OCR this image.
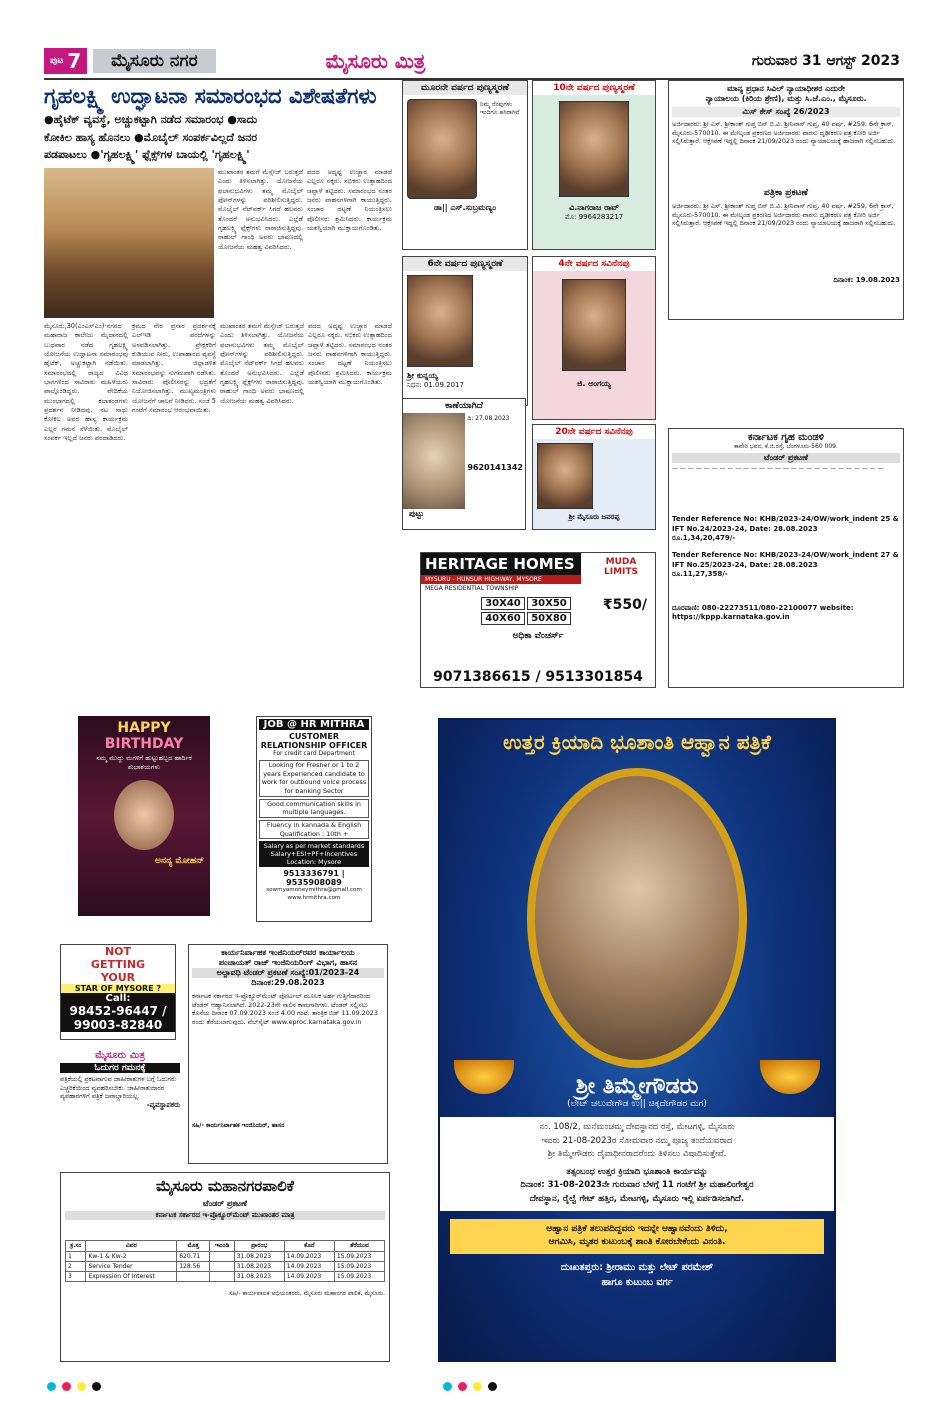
ಪುಟ 7	ಮೈಸೂರು ನಗರ	ಮೈಸೂರು ಮಿತ್ರ	ಗುರುವಾರ 31 ಆಗಸ್ಟ್ 2023
ಗೃಹಲಕ್ಷ್ಮಿ ಉದ್ಘಾಟನಾ ಸಮಾರಂಭದ ವಿಶೇಷತೆಗಳು
●ಹೈಟೆಕ್ ವ್ಯವಸ್ಥೆ, ಅಚ್ಚುಕಟ್ಟಾಗಿ ನಡೆದ ಸಮಾರಂಭ ●ಸಾದು
ಕೋಕಿಲ ಹಾಸ್ಯ ಹೊನಲು ●ಮೊಬೈಲ್ ಸಂಪರ್ಕವಿಲ್ಲದೆ ಜನರ
ಪಡಪಾಟಲು ●'ಗೃಹಲಕ್ಷ್ಮಿ' ಫ್ಲೆಕ್ಸ್‌ಗಳ ಬಾಯಲ್ಲಿ 'ಗೃಹಲಕ್ಷ್ಮಿ'
ಮುಖಾಂತರ ತಮಗೆ ಮೆಸ್ಸೇಜ್ ಬರುತ್ತದೆ ಎಂದು ತಿಳಿಸಲಾಗಿತ್ತು. ಯೋಜನೆಯ ಫಲಾನುಭವಿಗಳು ತಮ್ಮ ಮೊಬೈಲ್ ಫೋನ್‌ಗಳನ್ನು ಪರಿಶೀಲಿಸುತ್ತಿದ್ದರು. ಮೊಬೈಲ್ ನೆಟ್‌ವರ್ಕ್ ಸಿಗದೆ ಹಲವರು ತೊಂದರೆ ಅನುಭವಿಸಿದರು. ಎಲ್ಲೆಡೆ ಗೃಹಲಕ್ಷ್ಮಿ ಫ್ಲೆಕ್ಸ್‌ಗಳು ರಾರಾಜಿಸುತ್ತಿದ್ದವು. ರಾಹುಲ್ ಗಾಂಧಿ ಅವರು ಭಾಷಣದಲ್ಲಿ ಯೋಜನೆಯ ಮಹತ್ವ ವಿವರಿಸಿದರು.
ಪದದ ಅದೃಷ್ಟ ಉಚ್ಚಾರ ಮಾಡದೆ ಎಲ್ಲರೂ ನಕ್ಕರು. ಸಭಿಕರು ಉತ್ಸಾಹದಿಂದ ಚಪ್ಪಾಳೆ ತಟ್ಟಿದರು. ಸಮಾರಂಭದ ನಂತರ ಜನರು ವಾಹನಗಳಿಗಾಗಿ ಕಾಯುತ್ತಿದ್ದರು. ಸಂಚಾರ ದಟ್ಟಣೆ ನಿಯಂತ್ರಿಸಲು ಪೊಲೀಸರು ಶ್ರಮಿಸಿದರು. ಕಾರ್ಯಕ್ರಮ ಯಶಸ್ವಿಯಾಗಿ ಮುಕ್ತಾಯಗೊಂಡಿತು.
ಮೈಸೂರು,30(ಎಂಎಸ್‌ಎಂ)-ನಗರದ ಮಹಾರಾಜ ಕಾಲೇಜು ಮೈದಾನದಲ್ಲಿ ಬುಧವಾರ ನಡೆದ ಗೃಹಲಕ್ಷ್ಮಿ ಯೋಜನೆಯ ಉದ್ಘಾಟನಾ ಸಮಾರಂಭವು ಹೈಟೆಕ್, ಅಚ್ಚುಕಟ್ಟಾಗಿ ನಡೆಯಿತು. ಸಮಾರಂಭದಲ್ಲಿ ರಾಜ್ಯದ ವಿವಿಧ ಭಾಗಗಳಿಂದ ಸಾವಿರಾರು ಮಹಿಳೆಯರು ಪಾಲ್ಗೊಂಡಿದ್ದರು. ವೇದಿಕೆಯ ಮುಂಭಾಗದಲ್ಲಿ ಕಲಾತಂಡಗಳು ಪ್ರದರ್ಶನ ನೀಡಿದವು. ನಟ ಸಾಧು ಕೋಕಿಲ ಅವರ ಹಾಸ್ಯ ಕಾರ್ಯಕ್ರಮ ಎಲ್ಲರ ಗಮನ ಸೆಳೆಯಿತು. ಮೊಬೈಲ್ ಸಂಪರ್ಕ ಇಲ್ಲದೆ ಜನರು ಪರದಾಡಿದರು.
ಕ್ರಮದ ನೇರ ಪ್ರಸಾರ ಪ್ರದರ್ಶನಕ್ಕೆ ಎಲ್‌ಇಡಿ ಪರದೆಗಳನ್ನು ಅಳವಡಿಸಲಾಗಿತ್ತು. ಪ್ರೇಕ್ಷಕರಿಗೆ ಕುಡಿಯುವ ನೀರು, ಉಪಾಹಾರದ ವ್ಯವಸ್ಥೆ ಮಾಡಲಾಗಿತ್ತು. ಜಿಲ್ಲಾಡಳಿತ ಸಮಾರಂಭವನ್ನು ಸುಗಮವಾಗಿ ನಡೆಸಿತು. ಸಾವಿರಾರು ಪೊಲೀಸರನ್ನು ಭದ್ರತೆಗೆ ನಿಯೋಜಿಸಲಾಗಿತ್ತು. ಮುಖ್ಯಮಂತ್ರಿಗಳು ಯೋಜನೆಗೆ ಚಾಲನೆ ನೀಡಿದರು. ಸಂಜೆ 5 ಗಂಟೆಗೆ ಸಮಾರಂಭ ಆರಂಭವಾಯಿತು.
ಮುಖಾಂತರ ತಮಗೆ ಮೆಸ್ಸೇಜ್ ಬರುತ್ತದೆ ಎಂದು ತಿಳಿಸಲಾಗಿತ್ತು. ಯೋಜನೆಯ ಫಲಾನುಭವಿಗಳು ತಮ್ಮ ಮೊಬೈಲ್ ಫೋನ್‌ಗಳನ್ನು ಪರಿಶೀಲಿಸುತ್ತಿದ್ದರು. ಮೊಬೈಲ್ ನೆಟ್‌ವರ್ಕ್ ಸಿಗದೆ ಹಲವರು ತೊಂದರೆ ಅನುಭವಿಸಿದರು. ಎಲ್ಲೆಡೆ ಗೃಹಲಕ್ಷ್ಮಿ ಫ್ಲೆಕ್ಸ್‌ಗಳು ರಾರಾಜಿಸುತ್ತಿದ್ದವು. ರಾಹುಲ್ ಗಾಂಧಿ ಅವರು ಭಾಷಣದಲ್ಲಿ ಯೋಜನೆಯ ಮಹತ್ವ ವಿವರಿಸಿದರು.
ಪದದ ಅದೃಷ್ಟ ಉಚ್ಚಾರ ಮಾಡದೆ ಎಲ್ಲರೂ ನಕ್ಕರು. ಸಭಿಕರು ಉತ್ಸಾಹದಿಂದ ಚಪ್ಪಾಳೆ ತಟ್ಟಿದರು. ಸಮಾರಂಭದ ನಂತರ ಜನರು ವಾಹನಗಳಿಗಾಗಿ ಕಾಯುತ್ತಿದ್ದರು. ಸಂಚಾರ ದಟ್ಟಣೆ ನಿಯಂತ್ರಿಸಲು ಪೊಲೀಸರು ಶ್ರಮಿಸಿದರು. ಕಾರ್ಯಕ್ರಮ ಯಶಸ್ವಿಯಾಗಿ ಮುಕ್ತಾಯಗೊಂಡಿತು.
ಮೂರನೇ ವರ್ಷದ ಪುಣ್ಯಸ್ಮರಣೆ
ನಿಮ್ಮ ನೆನಪುಗಳು ಇಂದಿಗೂ ಹಸಿರಾಗಿವೆ
ಡಾ|| ಎಸ್.ಸುಬ್ರಮಣ್ಯಂ
10ನೇ ವರ್ಷದ ಪುಣ್ಯಸ್ಮರಣೆ
ವಿ.ನಾಗರಾಜ ರಾವ್
ಮೊ: 9964283217
6ನೇ ವರ್ಷದ ಪುಣ್ಯಸ್ಮರಣೆ
ಶ್ರೀ ಕುನ್ನಯ್ಯ
ನಿಧನ: 01.09.2017
4ನೇ ವರ್ಷದ ಸವಿನೆನಪು
ಜಿ. ಅಂಗಯ್ಯ
ಕಾಣೆಯಾಗಿದೆ
ದಿ: 27.08.2023
9620141342
ಪುಟ್ಟು
20ನೇ ವರ್ಷದ ಸವಿನೆನಪು
ಶ್ರೀ ಮೈಸೂರು ಜವರಪ್ಪ
HERITAGE HOMES
MYSURU - HUNSUR HIGHWAY, MYSORE
MEGA RESIDENTIAL TOWNSHIP
MUDA LIMITS
30X40	30X50
40X60	50X80
₹550/
ಅಧಿಕಾ ವೆಂಚರ್ಸ್
9071386615 / 9513301854
ಮಾನ್ಯ ಪ್ರಧಾನ ಸಿವಿಲ್ ನ್ಯಾಯಾಧೀಶರ ಎದುರೇ
ನ್ಯಾಯಾಲಯ (ಕಿರಿಯ ಶ್ರೇಣಿ), ಮತ್ತು ಸಿ.ಜೆ.ಎಂ., ಮೈಸೂರು.
ಮಿಸ್ ಕೇಸ್ ಸಂಖ್ಯೆ 26/2023
ಅರ್ಜಿದಾರರು: ಶ್ರೀ ಎಸ್. ಶ್ರೀಕಾಂತ್ ಗುಪ್ತ ಬಿನ್ ಬಿ.ವಿ. ಶ್ರೀನಿವಾಸ್ ಗುಪ್ತ, 40 ವರ್ಷ, #259, 6ನೇ ಕ್ರಾಸ್, ಮೈಸೂರು-570010. ಈ ಮೇಲ್ಕಂಡ ಪ್ರಕರಣದ ಅರ್ಜಿದಾರರು ವಾರಸು ದೃಢೀಕರಣ ಪತ್ರ ಕೋರಿ ಅರ್ಜಿ ಸಲ್ಲಿಸಿರುತ್ತಾರೆ. ಆಕ್ಷೇಪಣೆ ಇದ್ದಲ್ಲಿ ದಿನಾಂಕ 21/09/2023 ರಂದು ನ್ಯಾಯಾಲಯಕ್ಕೆ ಹಾಜರಾಗಿ ಸಲ್ಲಿಸಬಹುದು.
ಪತ್ರಿಕಾ ಪ್ರಕಟಣೆ
ಅರ್ಜಿದಾರರು: ಶ್ರೀ ಎಸ್. ಶ್ರೀಕಾಂತ್ ಗುಪ್ತ ಬಿನ್ ಬಿ.ವಿ. ಶ್ರೀನಿವಾಸ್ ಗುಪ್ತ, 40 ವರ್ಷ, #259, 6ನೇ ಕ್ರಾಸ್, ಮೈಸೂರು-570010. ಈ ಮೇಲ್ಕಂಡ ಪ್ರಕರಣದ ಅರ್ಜಿದಾರರು ವಾರಸು ದೃಢೀಕರಣ ಪತ್ರ ಕೋರಿ ಅರ್ಜಿ ಸಲ್ಲಿಸಿರುತ್ತಾರೆ. ಆಕ್ಷೇಪಣೆ ಇದ್ದಲ್ಲಿ ದಿನಾಂಕ 21/09/2023 ರಂದು ನ್ಯಾಯಾಲಯಕ್ಕೆ ಹಾಜರಾಗಿ ಸಲ್ಲಿಸಬಹುದು.
ದಿನಾಂಕ: 19.08.2023
ಕರ್ನಾಟಕ ಗೃಹ ಮಂಡಳಿ
ಕಾವೇರಿ ಭವನ, ಕೆ.ಜಿ.ರಸ್ತೆ, ಬೆಂಗಳೂರು-560 009.
ಟೆಂಡರ್ ಪ್ರಕಟಣೆ
— — — — — — — — — — — — — — — — — — — — — — — — — — —
Tender Reference No: KHB/2023-24/OW/work_indent 25 & IFT No.24/2023-24, Date: 28.08.2023
ರೂ.1,34,20,479/-
Tender Reference No: KHB/2023-24/OW/work_indent 27 & IFT No.25/2023-24, Date: 28.08.2023
ರೂ.11,27,358/-
ದೂರವಾಣಿ: 080-22273511/080-22100077 website:
https://kppp.karnataka.gov.in
HAPPY
BIRTHDAY
ನಮ್ಮ ಮುದ್ದು ಮಗಳಿಗೆ ಹುಟ್ಟುಹಬ್ಬದ ಹಾರ್ದಿಕ ಶುಭಾಶಯಗಳು
ಅನನ್ಯ ಮೋಹನ್
JOB @ HR MITHRA
CUSTOMER RELATIONSHIP OFFICER
For credit card Department
Looking for Fresher or 1 to 2 years Experienced candidate to work for outbound voice process for banking Sector
Good communication skills in multiple languages.
Fluency in kannada & English Qualification : 10th +
Salary as per market standards Salary+ESI+PF+Incentives Location: Mysore
9513336791 | 9535908089
sowmyamoneymithra@gmail.com
www.hrmithra.com
NOT
GETTING
YOUR
STAR OF MYSORE ?
Call:
98452-96447 /
99003-82840
ಮೈಸೂರು ಮಿತ್ರ
ಓದುಗರ ಗಮನಕ್ಕೆ
ಪತ್ರಿಕೆಯಲ್ಲಿ ಪ್ರಕಟವಾಗುವ ಜಾಹೀರಾತುಗಳ ಬಗ್ಗೆ ಓದುಗರು ಎಚ್ಚರಿಕೆಯಿಂದ ವ್ಯವಹರಿಸಬೇಕು. ಜಾಹೀರಾತುದಾರರ ವ್ಯವಹಾರಗಳಿಗೆ ಪತ್ರಿಕೆ ಜವಾಬ್ದಾರಿಯಲ್ಲ.
-ವ್ಯವಸ್ಥಾಪಕರು
ಕಾರ್ಯನಿರ್ವಾಹಕ ಇಂಜಿನಿಯರ್‌ರವರ ಕಾರ್ಯಾಲಯ
ಪಂಚಾಯತ್ ರಾಜ್ ಇಂಜಿನಿಯರಿಂಗ್ ವಿಭಾಗ, ಹಾಸನ
ಅಲ್ಪಾವಧಿ ಟೆಂಡರ್ ಪ್ರಕಟಣೆ ಸಂಖ್ಯೆ:01/2023-24
ದಿನಾಂಕ:29.08.2023
ಕರ್ನಾಟಕ ಸರ್ಕಾರದ ಇ-ಪ್ರೊಕ್ಯೂರ್‌ಮೆಂಟ್ ಪೋರ್ಟಲ್ ಮೂಲಕ ಅರ್ಹ ಗುತ್ತಿಗೆದಾರರಿಂದ ಟೆಂಡರ್ ಆಹ್ವಾನಿಸಲಾಗಿದೆ. 2022-23ನೇ ಸಾಲಿನ ಕಾಮಗಾರಿಗಳು. ಟೆಂಡರ್ ಸಲ್ಲಿಸಲು ಕೊನೆಯ ದಿನಾಂಕ 07.09.2023 ಸಂಜೆ 4.00 ಗಂಟೆ. ತಾಂತ್ರಿಕ ಬಿಡ್ 11.09.2023 ರಂದು ತೆರೆಯಲಾಗುವುದು. ವೆಬ್‌ಸೈಟ್ www.eproc.karnataka.gov.in
ಸಹಿ/- ಕಾರ್ಯನಿರ್ವಾಹಕ ಇಂಜಿನಿಯರ್, ಹಾಸನ
ಮೈಸೂರು ಮಹಾನಗರಪಾಲಿಕೆ
ಟೆಂಡರ್ ಪ್ರಕಟಣೆ
ಕರ್ನಾಟಕ ಸರ್ಕಾರದ ಇ-ಪ್ರೊಕ್ಯೂರ್‌ಮೆಂಟ್ ಮುಖಾಂತರ ಮಾತ್ರ
ಕ್ರ.ಸಂ	ವಿವರ	ಮೊತ್ತ	ಇಎಂಡಿ	ಪ್ರಾರಂಭ	ಕೊನೆ	ತೆರೆಯುವ
1	Kw-1 & Kw-2	620.71		31.08.2023	14.09.2023	15.09.2023
2	Service Tender	128.56		31.08.2023	14.09.2023	15.09.2023
3	Expression Of Interest			31.08.2023	14.09.2023	15.09.2023
ಸಹಿ/- ಕಾರ್ಯಪಾಲಕ ಅಭಿಯಂತರರು, ಮೈಸೂರು ಮಹಾನಗರ ಪಾಲಿಕೆ, ಮೈಸೂರು.
ಉತ್ತರ ಕ್ರಿಯಾದಿ ಭೂಶಾಂತಿ ಆಹ್ವಾನ ಪತ್ರಿಕೆ
ಶ್ರೀ ತಿಮ್ಮೇಗೌಡರು
(ಲೇಟ್ ಚಲುವೇಗೌಡ ಉ|| ಚಿಕ್ಕದೇಗೌಡರ ಮಗ)
ನಂ. 108/2, ಮನೆಮಂಚಮ್ಮ ದೇವಸ್ಥಾನದ ರಸ್ತೆ, ಮೇಟಗಳ್ಳಿ, ಮೈಸೂರು
ಇವರು 21-08-2023ರ ಸೋಮವಾರ ನಮ್ಮ ಪೂಜ್ಯ ತಂದೆಯವರಾದ
ಶ್ರೀ ತಿಮ್ಮೇಗೌಡರು ದೈವಾಧೀನರಾದರೆಂದು ತಿಳಿಸಲು ವಿಷಾದಿಸುತ್ತೇವೆ.
ತತ್ಸಂಬಂಧ ಉತ್ತರ ಕ್ರಿಯಾದಿ ಭೂಶಾಂತಿ ಕಾರ್ಯವನ್ನು
ದಿನಾಂಕ: 31-08-2023ನೇ ಗುರುವಾರ ಬೆಳಗ್ಗೆ 11 ಗಂಟೆಗೆ ಶ್ರೀ ಮಹಾಲಿಂಗೇಶ್ವರ
ದೇವಸ್ಥಾನ, ರೈಲ್ವೆ ಗೇಟ್ ಹತ್ತಿರ, ಮೇಟಗಳ್ಳಿ, ಮೈಸೂರು ಇಲ್ಲಿ ಏರ್ಪಡಿಸಲಾಗಿದೆ.
ಆಹ್ವಾನ ಪತ್ರಿಕೆ ತಲುಪದಿದ್ದವರು ಇದನ್ನೇ ಆಹ್ವಾನವೆಂದು ತಿಳಿದು,
ಆಗಮಿಸಿ, ಮೃತರ ಕುಟುಂಬಕ್ಕೆ ಶಾಂತಿ ಕೋರಬೇಕೆಂದು ವಿನಂತಿ.
ದುಃಖತಪ್ತರು: ಶ್ರೀರಾಮು ಮತ್ತು ಲೇಟ್ ಪರಮೇಶ್
ಹಾಗೂ ಕುಟುಂಬ ವರ್ಗ
